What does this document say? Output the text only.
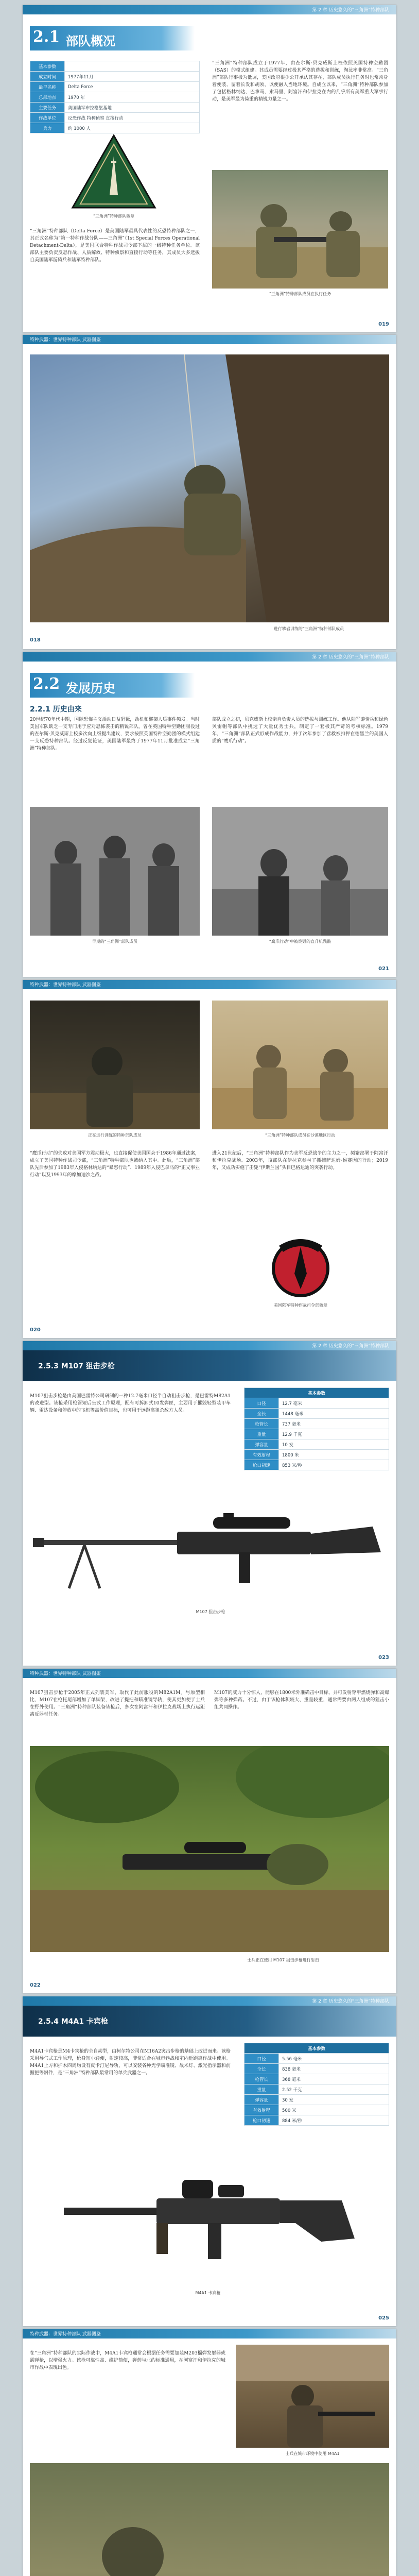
第 2 章 历史悠久的“三角洲”特种部队
2.1 部队概况
基本参数	
成立时间	1977年11月
最早名称	Delta Force
总部地点	1970 年
主要任务	美国陆军布拉格堡基地
作战单位	反恐作战 特种侦察 直接行动
兵力	约 1000 人
“三角洲”特种部队徽章
“三角洲”特种部队（Delta Force）是美国陆军最具代表性的反恐特种部队之一，其正式名称为“第一特种作战分队——三角洲”（1st Special Forces Operational Detachment-Delta），是美国联合特种作战司令部下属的一级特种任务单位。该部队主要负责反恐作战、人质解救、特种侦察和直接行动等任务，其成员大多选拔自美国陆军游骑兵和陆军特种部队。
“三角洲”特种部队成立于1977年，由查尔斯·贝克威斯上校依照英国特种空勤团（SAS）的模式组建。其成员需要经过极其严格的选拔和训练，淘汰率非常高。“三角洲”部队行事极为低调，美国政府很少公开承认其存在，部队成员执行任务时也常常身着便装、留着长发和胡须，以便融入当地环境。自成立以来，“三角洲”特种部队参加了包括格林纳达、巴拿马、索马里、阿富汗和伊拉克在内的几乎所有美军重大军事行动，是美军最为倚重的精锐力量之一。
“三角洲”特种部队成员在执行任务
019
特种武器：世界特种部队 武器图鉴
进行攀岩训练的“三角洲”特种部队成员
018
第 2 章 历史悠久的“三角洲”特种部队
2.2 发展历史
2.2.1 历史由来
20世纪70年代中期，国际恐怖主义活动日益猖獗，劫机和绑架人质事件频发。当时美国军队缺乏一支专门用于应对恐怖袭击的精锐部队。曾在英国特种空勤团服役过的查尔斯·贝克威斯上校多次向上级提出建议，要求按照英国特种空勤团的模式组建一支反恐特种部队。经过反复论证，美国陆军最终于1977年11月批准成立“三角洲”特种部队。
部队成立之初，贝克威斯上校亲自负责人员的选拔与训练工作。他从陆军游骑兵和绿色贝雷帽等部队中挑选了大量优秀士兵，制定了一套极其严苛的考核标准。1979年，“三角洲”部队正式形成作战能力，并于次年参加了营救被扣押在德黑兰的美国人质的“鹰爪行动”。
早期的“三角洲”部队成员	“鹰爪行动”中被烧毁的直升机残骸
021
特种武器：世界特种部队 武器图鉴
正在进行训练的特种部队成员	“三角洲”特种部队成员在沙漠地区行动
“鹰爪行动”的失败对美国军方震动极大，也直接促使美国国会于1986年通过法案，成立了美国特种作战司令部，“三角洲”特种部队也被纳入其中。此后，“三角洲”部队先后参加了1983年入侵格林纳达的“暴怒行动”、1989年入侵巴拿马的“正义事业行动”以及1993年的摩加迪沙之战。
进入21世纪后，“三角洲”特种部队作为美军反恐战争的主力之一，频繁部署于阿富汗和伊拉克战场。2003年，该部队在伊拉克参与了抓捕萨达姆·侯赛因的行动；2019年，又成功实施了击毙“伊斯兰国”头目巴格达迪的突袭行动。
美国陆军特种作战司令部徽章
020
第 2 章 历史悠久的“三角洲”特种部队
2.5.3 M107 狙击步枪
M107狙击步枪是由美国巴雷特公司研制的一种12.7毫米口径半自动狙击步枪，是巴雷特M82A1的改进型。该枪采用枪管短后坐式工作原理，配有可拆卸式10发弹匣，主要用于摧毁轻型装甲车辆、雷达设备和停放中的飞机等高价值目标，也可用于远距离狙杀敌方人员。
基本参数	
口径	12.7 毫米
全长	1448 毫米
枪管长	737 毫米
重量	12.9 千克
弹容量	10 发
有效射程	1800 米
枪口初速	853 米/秒
M107 狙击步枪
023
特种武器：世界特种部队 武器图鉴
M107狙击步枪于2005年正式列装美军，取代了此前服役的M82A1M。与原型相比，M107在枪托尾部增加了单脚架，改进了提把和瞄准镜导轨，使其更加便于士兵在野外使用。“三角洲”特种部队装备该枪后，多次在阿富汗和伊拉克战场上执行远距离反器材任务。
M107的威力十分惊人，能够在1800米外准确击中目标，并可发射穿甲燃烧弹和高爆弹等多种弹药。不过，由于该枪体积较大、重量较重，通常需要由两人组成的狙击小组共同操作。
士兵正在使用 M107 狙击步枪进行射击
022
第 2 章 历史悠久的“三角洲”特种部队
2.5.4 M4A1 卡宾枪
M4A1卡宾枪是M4卡宾枪的全自动型，由柯尔特公司在M16A2突击步枪的基础上改进而来。该枪采用导气式工作原理，枪身短小轻便，射速较高，非常适合在城市巷战和室内近距离作战中使用。M4A1上方和护木四周均设有皮卡汀尼导轨，可以安装各种光学瞄准镜、战术灯、激光指示器和前握把等附件，是“三角洲”特种部队最常用的单兵武器之一。
基本参数	
口径	5.56 毫米
全长	838 毫米
枪管长	368 毫米
重量	2.52 千克
弹容量	30 发
有效射程	500 米
枪口初速	884 米/秒
M4A1 卡宾枪
025
特种武器：世界特种部队 武器图鉴
在“三角洲”特种部队的实际作战中，M4A1卡宾枪通常会根据任务需要加装M203榴弹发射器或霰弹枪，以增强火力。该枪可靠性高、维护简便，弹药与北约标准通用，在阿富汗和伊拉克的城市作战中表现出色。
士兵在城市环境中使用 M4A1
